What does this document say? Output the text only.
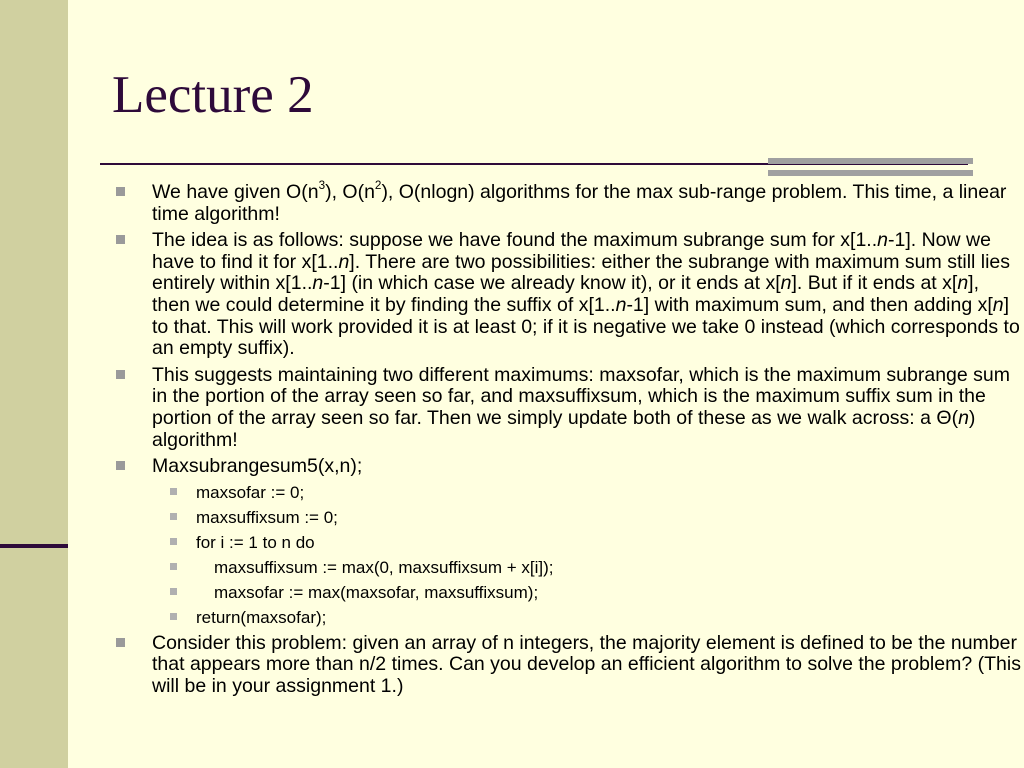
Lecture 2
We have given $O(n^3)$, $O(n^2)$, O(nlogn) algorithms for the max sub-range problem. This time, a linear time algorithm!
The idea is as follows: suppose we have found the maximum subrange sum for x[1..n-1]. Now we have to find it for x[1..n]. There are two possibilities: either the subrange with maximum sum still lies entirely within x[1..n-1] (in which case we already know it), or it ends at x[n]. But if it ends at x[n], then we could determine it by finding the suffix of x[1..n-1] with maximum sum, and then adding x[n] to that. This will work provided it is at least 0; if it is negative we take 0 instead (which corresponds to an empty suffix).
This suggests maintaining two different maximums: maxsofar, which is the maximum subrange sum in the portion of the array seen so far, and maxsuffixsum, which is the maximum suffix sum in the portion of the array seen so far. Then we simply update both of these as we walk across: a Θ(n) algorithm!
Maxsubrangesum5(x,n);
maxsofar := 0;
maxsuffixsum := 0;
for i := 1 to n do
maxsuffixsum := max(0, maxsuffixsum + x[i]);
maxsofar := max(maxsofar, maxsuffixsum);
return(maxsofar);
Consider this problem: given an array of n integers, the majority element is defined to be the number that appears more than n/2 times. Can you develop an efficient algorithm to solve the problem? (This will be in your assignment 1.)
